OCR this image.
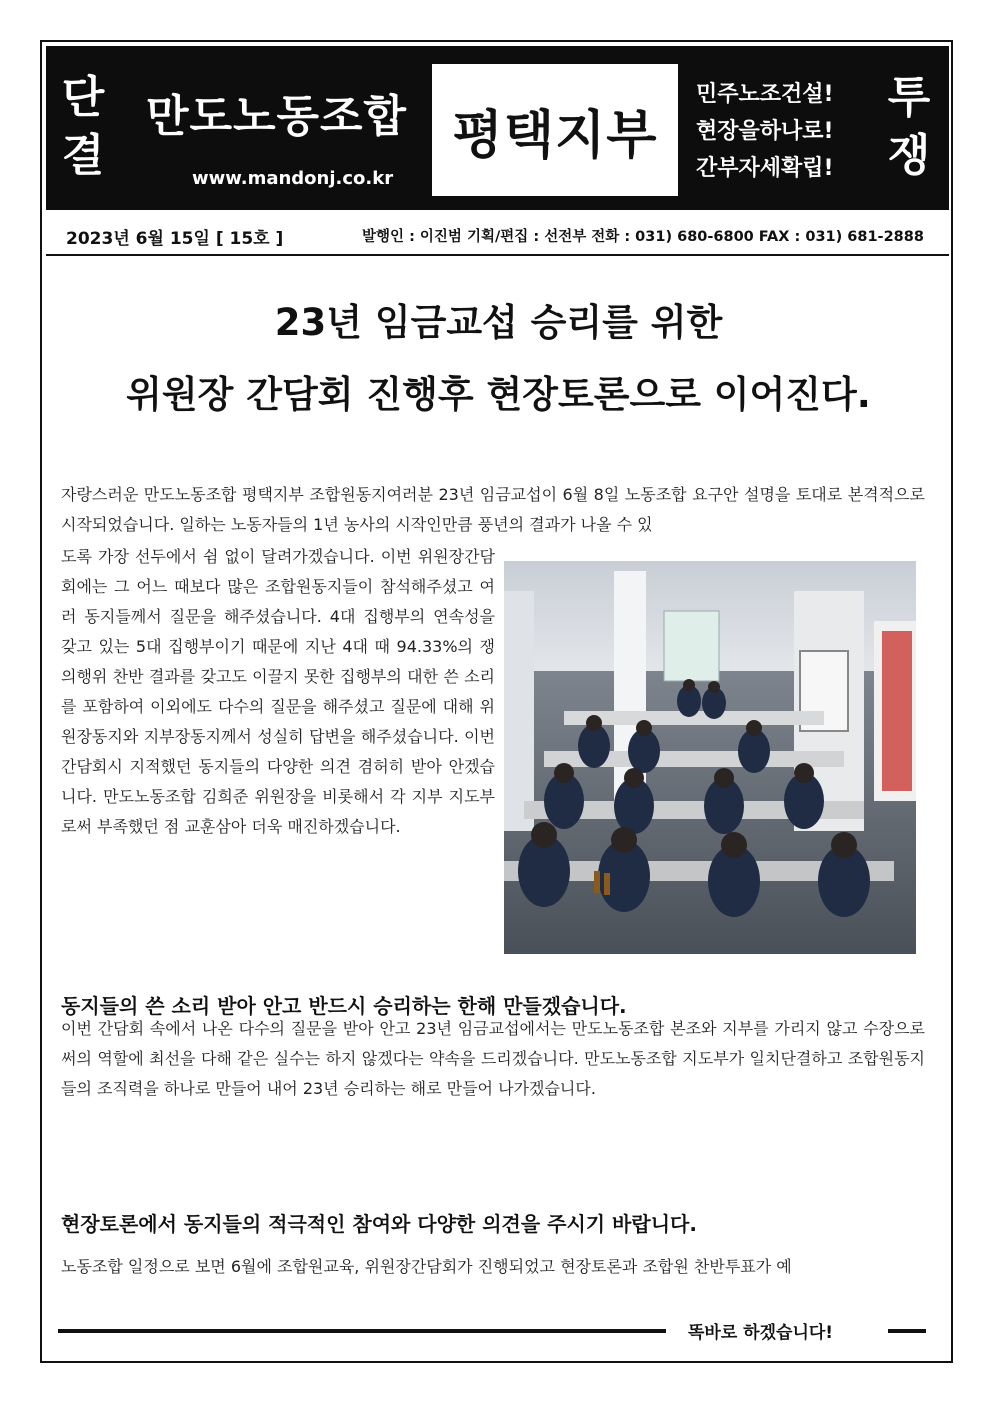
단
결
만도노동조합
www.mandonj.co.kr
평택지부
민주노조건설!
현장을하나로!
간부자세확립!
투
쟁
2023년 6월 15일 [ 15호 ]	발행인 : 이진범 기획/편집 : 선전부 전화 : 031) 680-6800 FAX : 031) 681-2888
23년 임금교섭 승리를 위한
위원장 간담회 진행후 현장토론으로 이어진다.
자랑스러운 만도노동조합 평택지부 조합원동지여러분 23년 임금교섭이 6월 8일 노동조합 요구안 설명을 토대로 본격적으로 시작되었습니다. 일하는 노동자들의 1년 농사의 시작인만큼 풍년의 결과가 나올 수 있
도록 가장 선두에서 쉼 없이 달려가겠습니다. 이번 위원장간담회에는 그 어느 때보다 많은 조합원동지들이 참석해주셨고 여러 동지들께서 질문을 해주셨습니다. 4대 집행부의 연속성을 갖고 있는 5대 집행부이기 때문에 지난 4대 때 94.33%의 쟁의행위 찬반 결과를 갖고도 이끌지 못한 집행부의 대한 쓴 소리를 포함하여 이외에도 다수의 질문을 해주셨고 질문에 대해 위원장동지와 지부장동지께서 성실히 답변을 해주셨습니다. 이번 간담회시 지적했던 동지들의 다양한 의견 겸허히 받아 안겠습니다. 만도노동조합 김희준 위원장을 비롯해서 각 지부 지도부로써 부족했던 점 교훈삼아 더욱 매진하겠습니다.
동지들의 쓴 소리 받아 안고 반드시 승리하는 한해 만들겠습니다.
이번 간담회 속에서 나온 다수의 질문을 받아 안고 23년 임금교섭에서는 만도노동조합 본조와 지부를 가리지 않고 수장으로써의 역할에 최선을 다해 같은 실수는 하지 않겠다는 약속을 드리겠습니다. 만도노동조합 지도부가 일치단결하고 조합원동지들의 조직력을 하나로 만들어 내어 23년 승리하는 해로 만들어 나가겠습니다.
현장토론에서 동지들의 적극적인 참여와 다양한 의견을 주시기 바랍니다.
노동조합 일정으로 보면 6월에 조합원교육, 위원장간담회가 진행되었고 현장토론과 조합원 찬반투표가 예
똑바로 하겠습니다!
